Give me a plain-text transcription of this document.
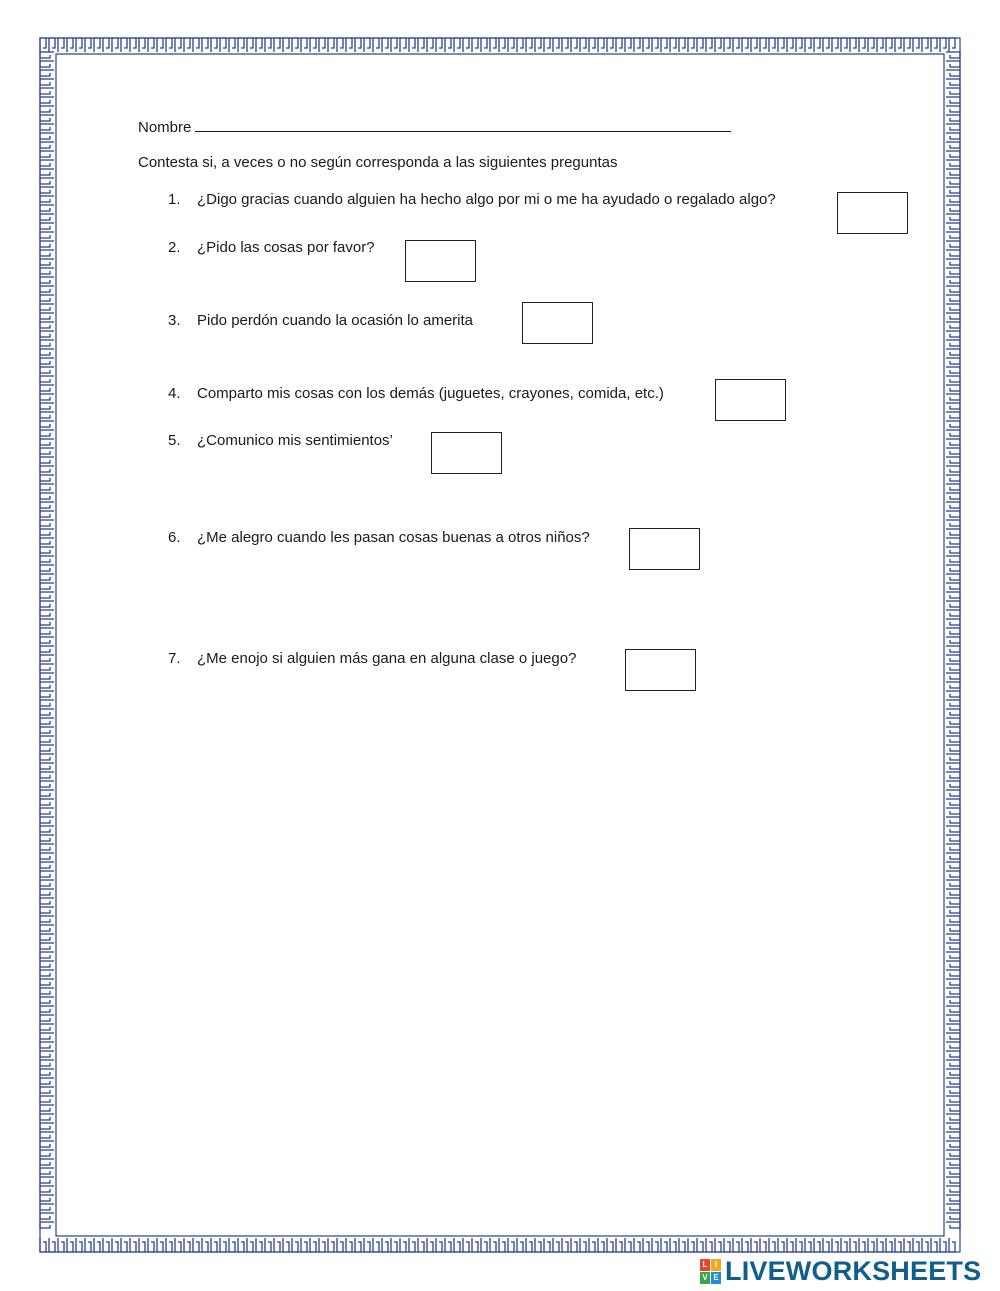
Nombre
Contesta si, a veces o no según corresponda a las siguientes preguntas
1.	¿Digo gracias cuando alguien ha hecho algo por mi o me ha ayudado o regalado algo?
2.	¿Pido las cosas por favor?
3.	Pido perdón cuando la ocasión lo amerita
4.	Comparto mis cosas con los demás (juguetes, crayones, comida, etc.)
5.	¿Comunico mis sentimientos’
6.	¿Me alegro cuando les pasan cosas buenas a otros niños?
7.	¿Me enojo si alguien más gana en alguna clase o juego?
L I
V E LIVEWORKSHEETS
